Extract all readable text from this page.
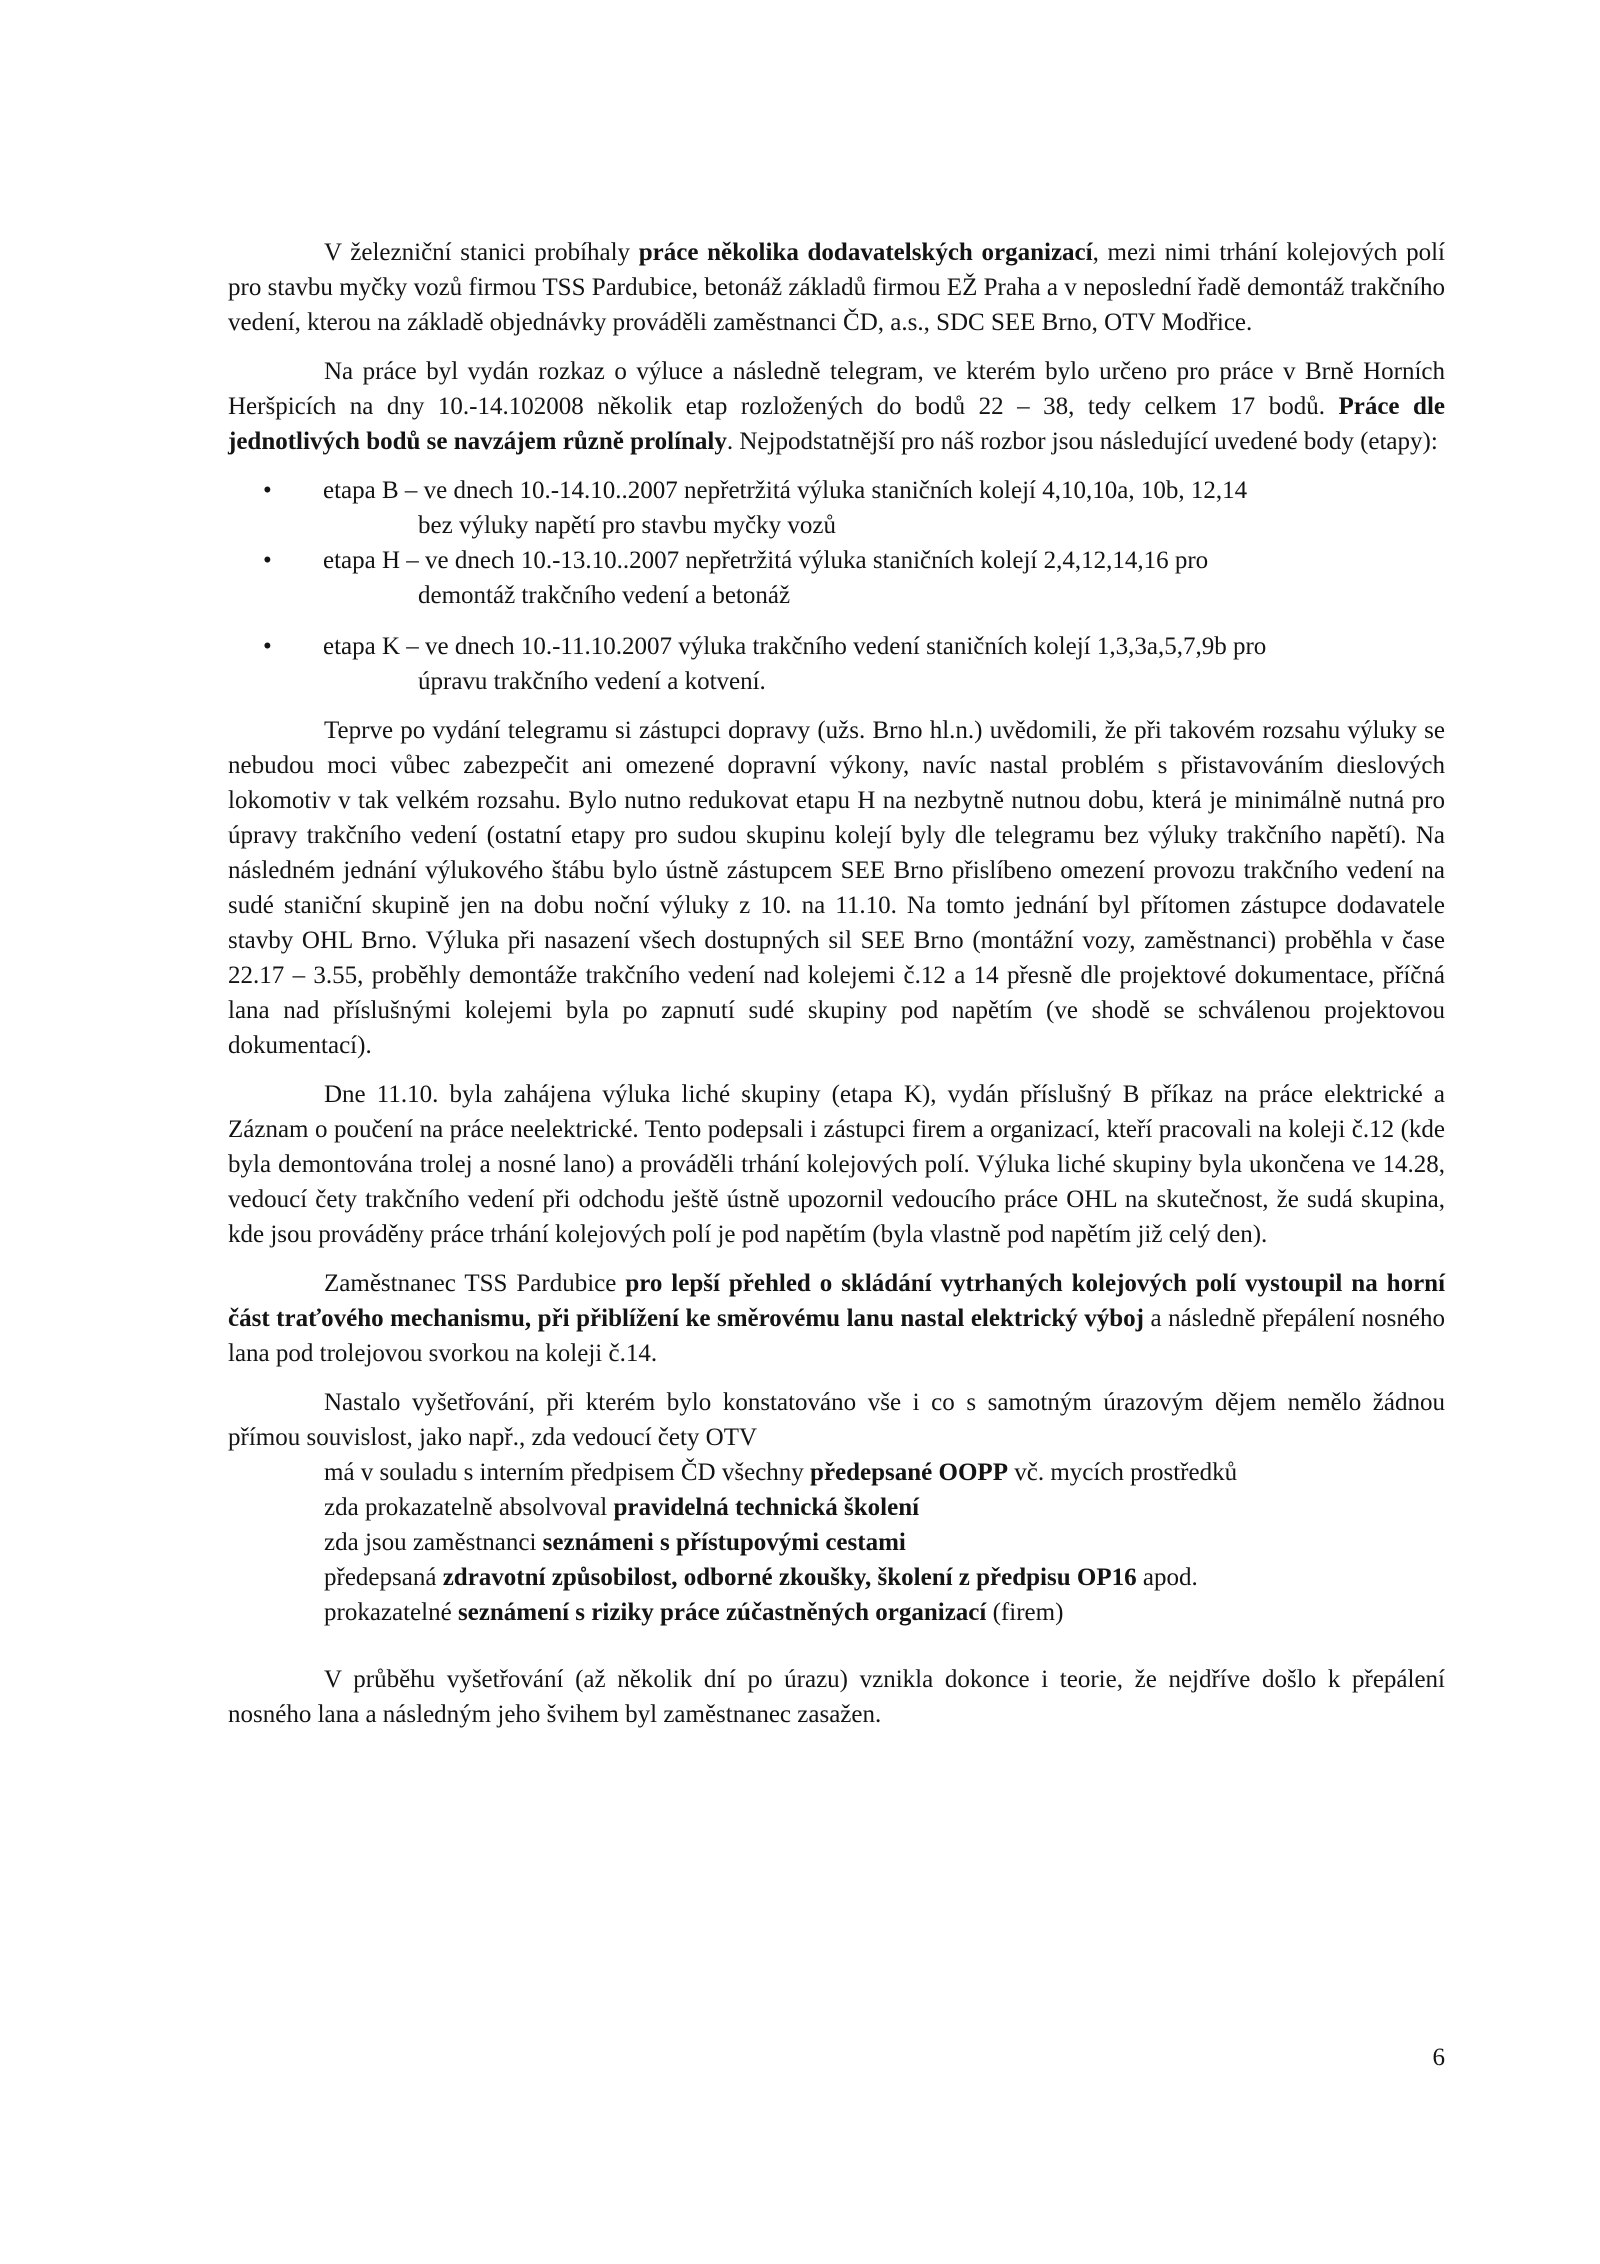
V železniční stanici probíhaly práce několika dodavatelských organizací, mezi nimi trhání kolejových polí pro stavbu myčky vozů firmou TSS Pardubice, betonáž základů firmou EŽ Praha a v neposlední řadě demontáž trakčního vedení, kterou na základě objednávky prováděli zaměstnanci ČD, a.s., SDC SEE Brno, OTV Modřice.

Na práce byl vydán rozkaz o výluce a následně telegram, ve kterém bylo určeno pro práce v Brně Horních Heršpicích na dny 10.-14.102008 několik etap rozložených do bodů 22 – 38, tedy celkem 17 bodů. Práce dle jednotlivých bodů se navzájem různě prolínaly. Nejpodstatnější pro náš rozbor jsou následující uvedené body (etapy):

• etapa B – ve dnech 10.-14.10..2007 nepřetržitá výluka staničních kolejí 4,10,10a, 10b, 12,14
bez výluky napětí pro stavbu myčky vozů
• etapa H – ve dnech 10.-13.10..2007 nepřetržitá výluka staničních kolejí 2,4,12,14,16 pro
demontáž trakčního vedení a betonáž
• etapa K – ve dnech 10.-11.10.2007 výluka trakčního vedení staničních kolejí 1,3,3a,5,7,9b pro
úpravu trakčního vedení a kotvení.

Teprve po vydání telegramu si zástupci dopravy (užs. Brno hl.n.) uvědomili, že při takovém rozsahu výluky se nebudou moci vůbec zabezpečit ani omezené dopravní výkony, navíc nastal problém s přistavováním dieslových lokomotiv v tak velkém rozsahu. Bylo nutno redukovat etapu H na nezbytně nutnou dobu, která je minimálně nutná pro úpravy trakčního vedení (ostatní etapy pro sudou skupinu kolejí byly dle telegramu bez výluky trakčního napětí). Na následném jednání výlukového štábu bylo ústně zástupcem SEE Brno přislíbeno omezení provozu trakčního vedení na sudé staniční skupině jen na dobu noční výluky z 10. na 11.10. Na tomto jednání byl přítomen zástupce dodavatele stavby OHL Brno. Výluka při nasazení všech dostupných sil SEE Brno (montážní vozy, zaměstnanci) proběhla v čase 22.17 – 3.55, proběhly demontáže trakčního vedení nad kolejemi č.12 a 14 přesně dle projektové dokumentace, příčná lana nad příslušnými kolejemi byla po zapnutí sudé skupiny pod napětím (ve shodě se schválenou projektovou dokumentací).

Dne 11.10. byla zahájena výluka liché skupiny (etapa K), vydán příslušný B příkaz na práce elektrické a Záznam o poučení na práce neelektrické. Tento podepsali i zástupci firem a organizací, kteří pracovali na koleji č.12 (kde byla demontována trolej a nosné lano) a prováděli trhání kolejových polí. Výluka liché skupiny byla ukončena ve 14.28, vedoucí čety trakčního vedení při odchodu ještě ústně upozornil vedoucího práce OHL na skutečnost, že sudá skupina, kde jsou prováděny práce trhání kolejových polí je pod napětím (byla vlastně pod napětím již celý den).

Zaměstnanec TSS Pardubice pro lepší přehled o skládání vytrhaných kolejových polí vystoupil na horní část traťového mechanismu, při přiblížení ke směrovému lanu nastal elektrický výboj a následně přepálení nosného lana pod trolejovou svorkou na koleji č.14.

Nastalo vyšetřování, při kterém bylo konstatováno vše i co s samotným úrazovým dějem nemělo žádnou přímou souvislost, jako např., zda vedoucí čety OTV

má v souladu s interním předpisem ČD všechny předepsané OOPP vč. mycích prostředků
zda prokazatelně absolvoval pravidelná technická školení
zda jsou zaměstnanci seznámeni s přístupovými cestami
předepsaná zdravotní způsobilost, odborné zkoušky, školení z předpisu OP16 apod.
prokazatelné seznámení s riziky práce zúčastněných organizací (firem)

V průběhu vyšetřování (až několik dní po úrazu) vznikla dokonce i teorie, že nejdříve došlo k přepálení nosného lana a následným jeho švihem byl zaměstnanec zasažen.

6
